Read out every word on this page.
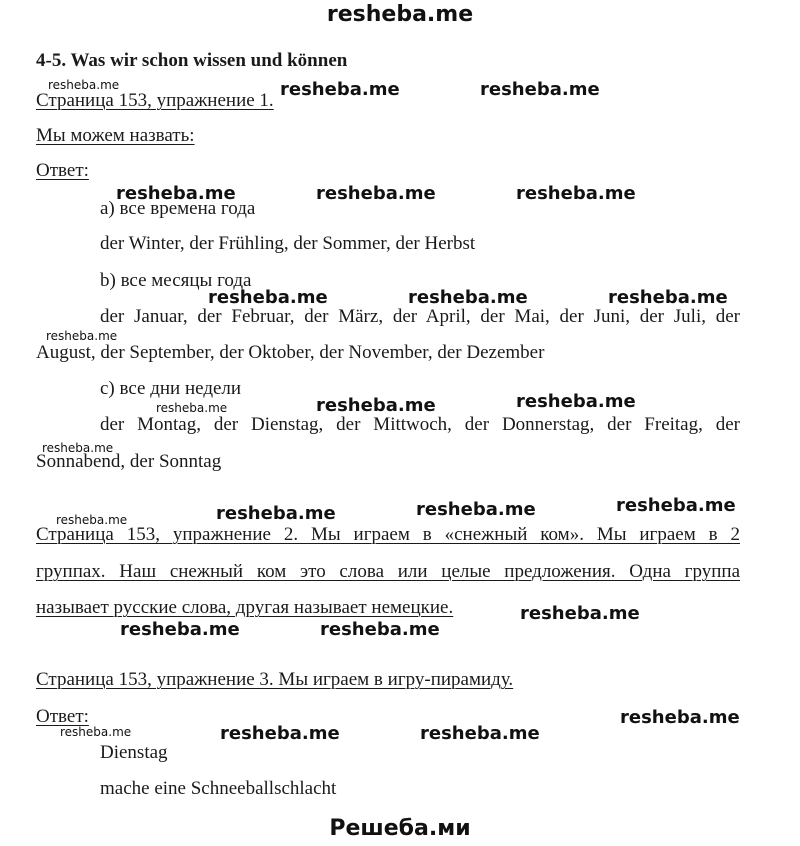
resheba.me
4-5. Was wir schon wissen und können
Страница 153, упражнение 1.
Мы можем назвать:
Ответ:
a) все времена года
der Winter, der Frühling, der Sommer, der Herbst
b) все месяцы года
der Januar, der Februar, der März, der April, der Mai, der Juni, der Juli, der
August, der September, der Oktober, der November, der Dezember
c) все дни недели
der Montag, der Dienstag, der Mittwoch, der Donnerstag, der Freitag, der
Sonnabend, der Sonntag
Страница 153, упражнение 2. Мы играем в «снежный ком». Мы играем в 2
группах. Наш снежный ком это слова или целые предложения. Одна группа
называет русские слова, другая называет немецкие.
Страница 153, упражнение 3. Мы играем в игру-пирамиду.
Ответ:
Dienstag
mache eine Schneeballschlacht
resheba.me	resheba.me
resheba.me	resheba.me	resheba.me
resheba.me	resheba.me	resheba.me
resheba.me	resheba.me
resheba.me	resheba.me	resheba.me
resheba.me
resheba.me	resheba.me
resheba.me
resheba.me	resheba.me
resheba.me
resheba.me
resheba.me
resheba.me
resheba.me
resheba.me
Решеба.ми
